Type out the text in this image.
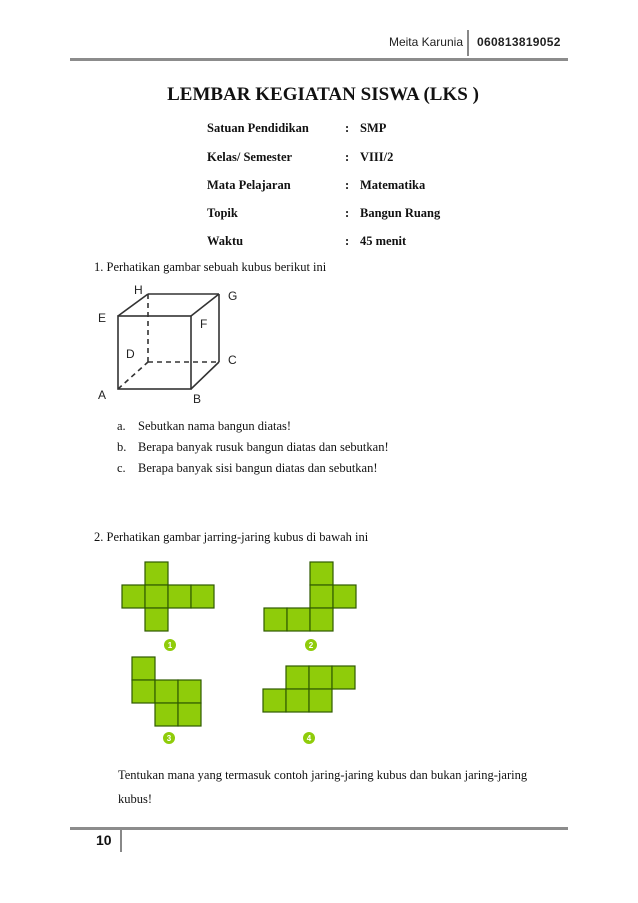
Meita Karunia 060813819052
LEMBAR KEGIATAN SISWA (LKS )
Satuan Pendidikan	: SMP
Kelas/ Semester	: VIII/2
Mata Pelajaran	: Matematika
Topik	: Bangun Ruang
Waktu	: 45 menit
1. Perhatikan gambar sebuah kubus berikut ini
H	G
E	F
D	C
A	B
a. Sebutkan nama bangun diatas!
b. Berapa banyak rusuk bangun diatas dan sebutkan!
c. Berapa banyak sisi bangun diatas dan sebutkan!
2. Perhatikan gambar jarring-jaring kubus di bawah ini
1	2
3	4
Tentukan mana yang termasuk contoh jaring-jaring kubus dan bukan jaring-jaring
kubus!
10
